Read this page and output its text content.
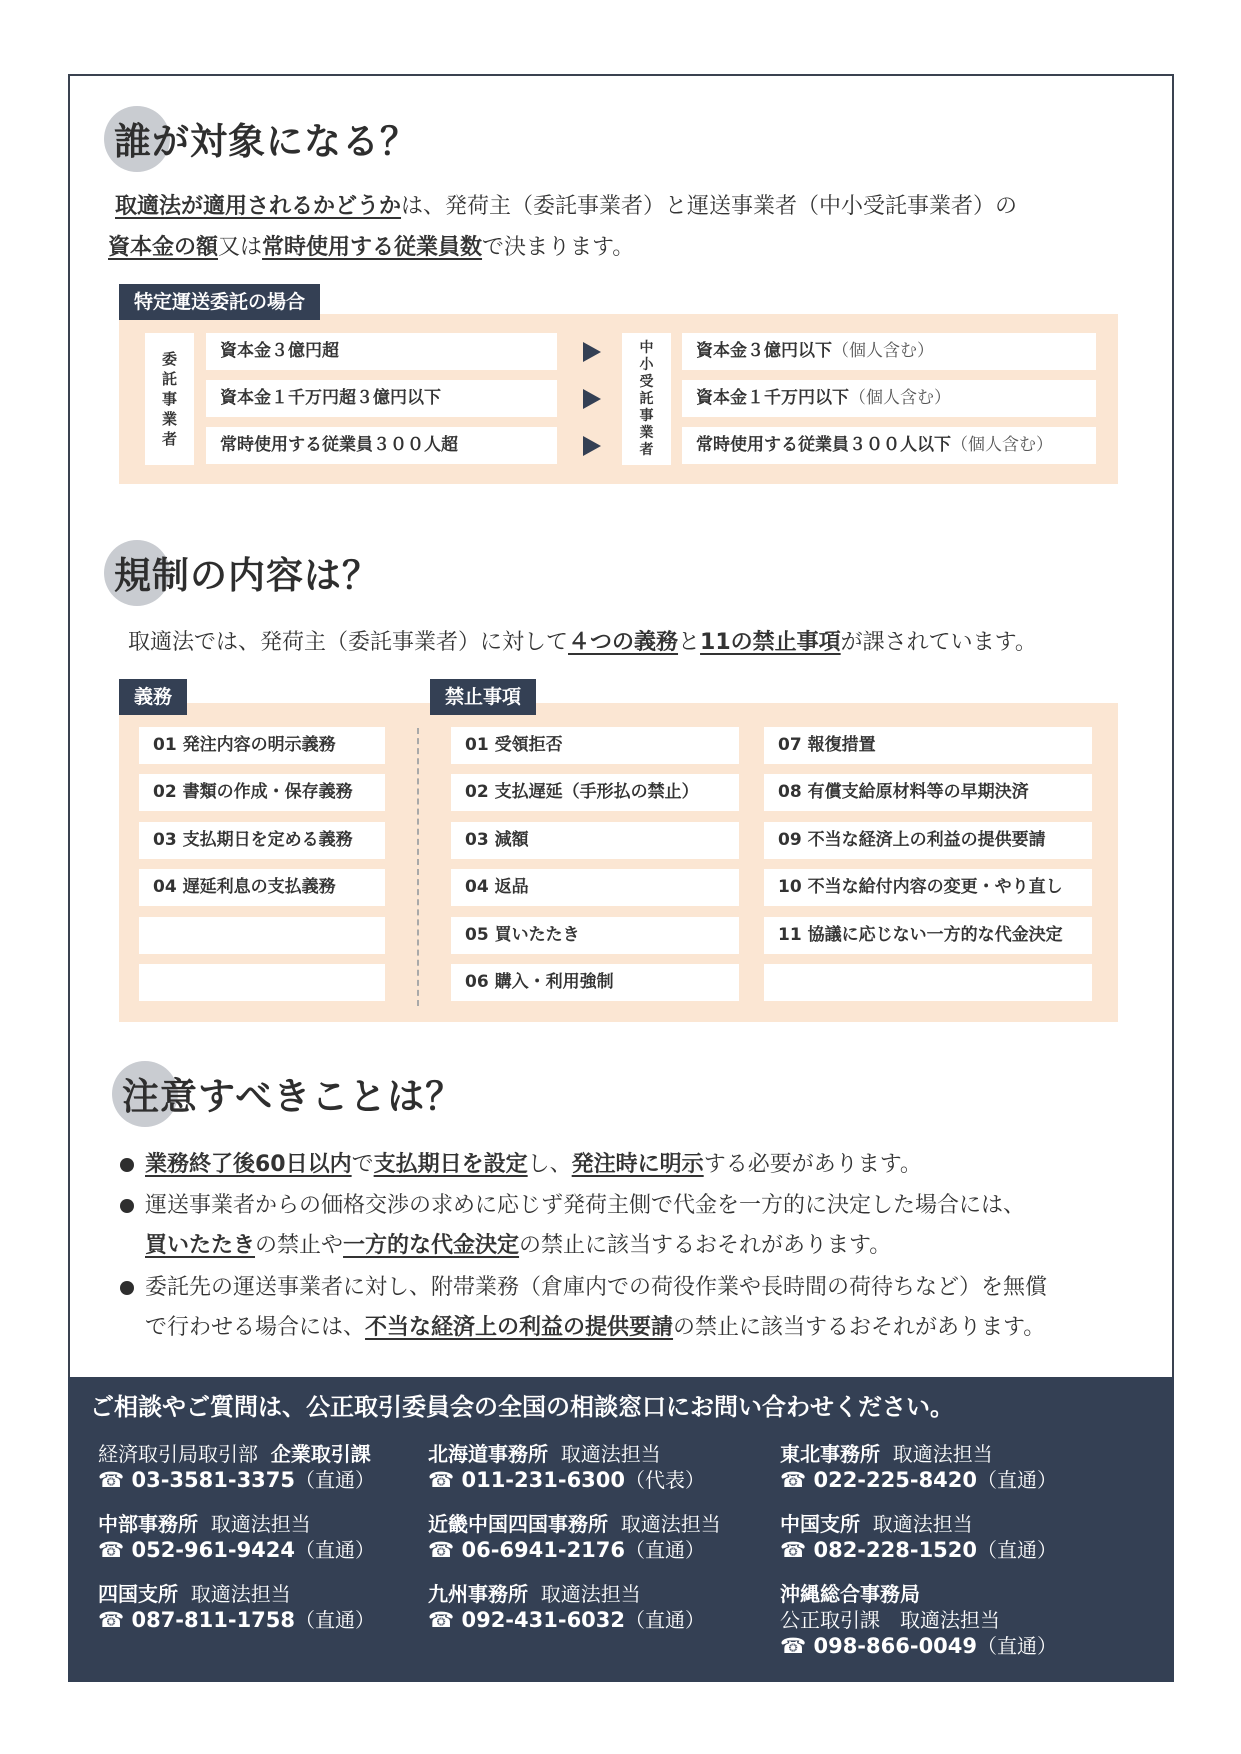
誰が対象になる？
取適法が適用されるかどうかは、発荷主（委託事業者）と運送事業者（中小受託事業者）の
資本金の額又は常時使用する従業員数で決まります。
特定運送委託の場合
委
託
事
業
者
中
小
受
託
事
業
者
資本金３億円超
資本金１千万円超３億円以下
常時使用する従業員３００人超
資本金３億円以下（個人含む）
資本金１千万円以下（個人含む）
常時使用する従業員３００人以下（個人含む）
規制の内容は？
取適法では、発荷主（委託事業者）に対して４つの義務と11の禁止事項が課されています。
義務	禁止事項
01 発注内容の明示義務
02 書類の作成・保存義務
03 支払期日を定める義務
04 遅延利息の支払義務
01 受領拒否
02 支払遅延（手形払の禁止）
03 減額
04 返品
05 買いたたき
06 購入・利用強制
07 報復措置
08 有償支給原材料等の早期決済
09 不当な経済上の利益の提供要請
10 不当な給付内容の変更・やり直し
11 協議に応じない一方的な代金決定
注意すべきことは？
業務終了後60日以内で支払期日を設定し、発注時に明示する必要があります。
運送事業者からの価格交渉の求めに応じず発荷主側で代金を一方的に決定した場合には、
買いたたきの禁止や一方的な代金決定の禁止に該当するおそれがあります。
委託先の運送事業者に対し、附帯業務（倉庫内での荷役作業や長時間の荷待ちなど）を無償
で行わせる場合には、不当な経済上の利益の提供要請の禁止に該当するおそれがあります。
ご相談やご質問は、公正取引委員会の全国の相談窓口にお問い合わせください。
経済取引局取引部 企業取引課
☎ 03-3581-3375（直通）
北海道事務所 取適法担当
☎ 011-231-6300（代表）
東北事務所 取適法担当
☎ 022-225-8420（直通）
中部事務所 取適法担当
☎ 052-961-9424（直通）
近畿中国四国事務所 取適法担当
☎ 06-6941-2176（直通）
中国支所 取適法担当
☎ 082-228-1520（直通）
四国支所 取適法担当
☎ 087-811-1758（直通）
九州事務所 取適法担当
☎ 092-431-6032（直通）
沖縄総合事務局
公正取引課　取適法担当
☎ 098-866-0049（直通）
